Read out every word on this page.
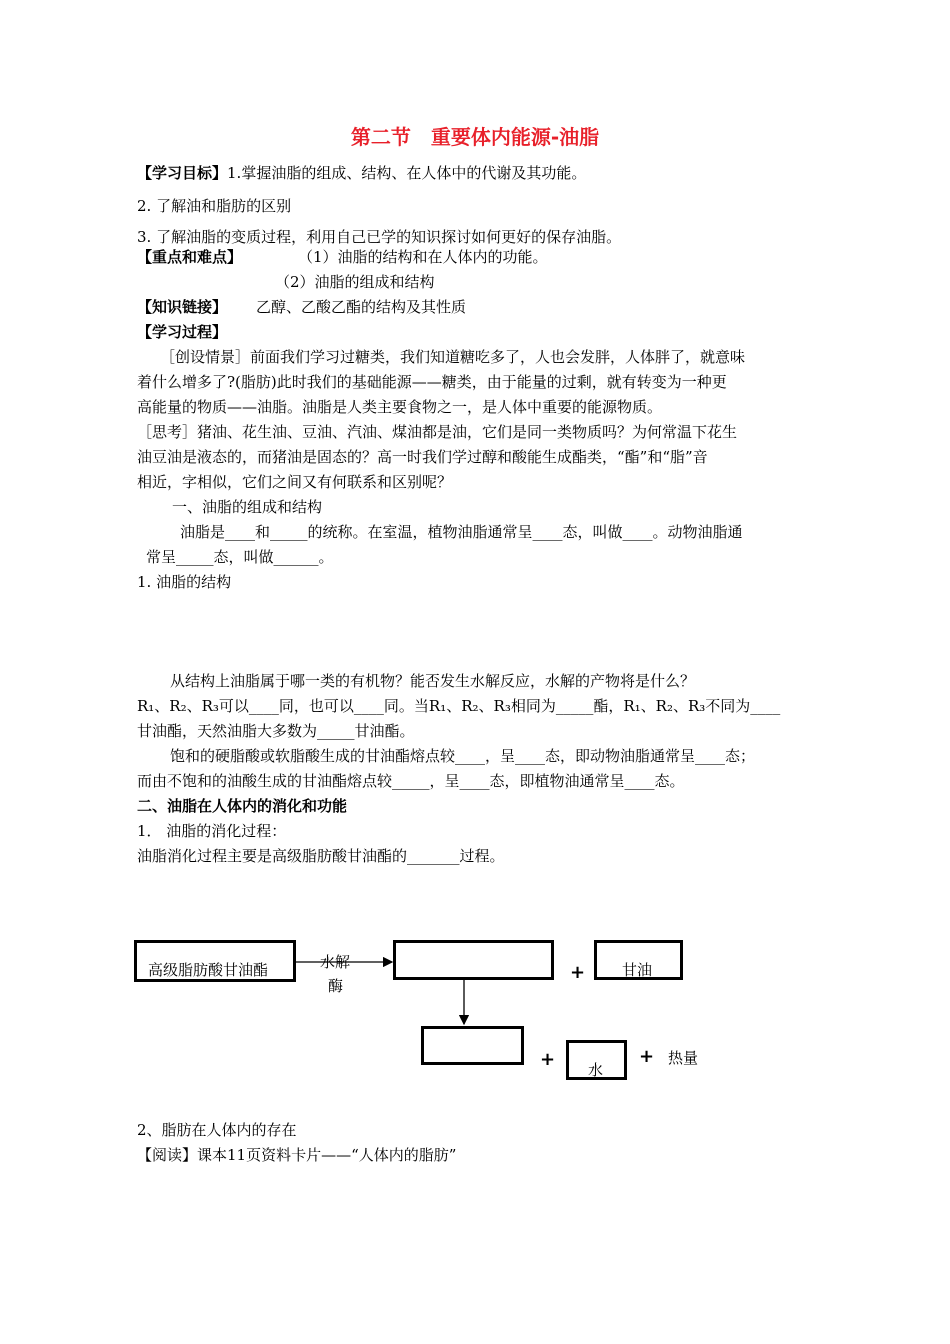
第二节　重要体内能源-油脂
【学习目标】1.掌握油脂的组成、结构、在人体中的代谢及其功能。
2. 了解油和脂肪的区别
3. 了解油脂的变质过程，利用自己已学的知识探讨如何更好的保存油脂。
【重点和难点】	（1）油脂的结构和在人体内的功能。
（2）油脂的组成和结构
【知识链接】 乙醇、乙酸乙酯的结构及其性质
【学习过程】
［创设情景］前面我们学习过糖类，我们知道糖吃多了，人也会发胖，人体胖了，就意味
着什么增多了?(脂肪)此时我们的基础能源——糖类，由于能量的过剩，就有转变为一种更
高能量的物质——油脂。油脂是人类主要食物之一，是人体中重要的能源物质。
［思考］猪油、花生油、豆油、汽油、煤油都是油，它们是同一类物质吗？为何常温下花生
油豆油是液态的，而猪油是固态的？高一时我们学过醇和酸能生成酯类，“酯”和“脂”音
相近，字相似，它们之间又有何联系和区别呢？
一、油脂的组成和结构
油脂是____和_____的统称。在室温，植物油脂通常呈____态，叫做____。动物油脂通
常呈_____态，叫做______。
1. 油脂的结构
从结构上油脂属于哪一类的有机物？能否发生水解反应，水解的产物将是什么？
R₁、R₂、R₃可以____同，也可以____同。当R₁、R₂、R₃相同为_____酯，R₁、R₂、R₃不同为____
甘油酯，天然油脂大多数为_____甘油酯。
饱和的硬脂酸或软脂酸生成的甘油酯熔点较____，呈____态，即动物油脂通常呈____态；
而由不饱和的油酸生成的甘油酯熔点较_____，呈____态，即植物油通常呈____态。
二、油脂在人体内的消化和功能
1． 油脂的消化过程：
油脂消化过程主要是高级脂肪酸甘油酯的_______过程。
高级脂肪酸甘油酯	水解
酶
+ 甘油
+ 水
+ 热量
2、脂肪在人体内的存在
【阅读】课本11页资料卡片——“人体内的脂肪”
